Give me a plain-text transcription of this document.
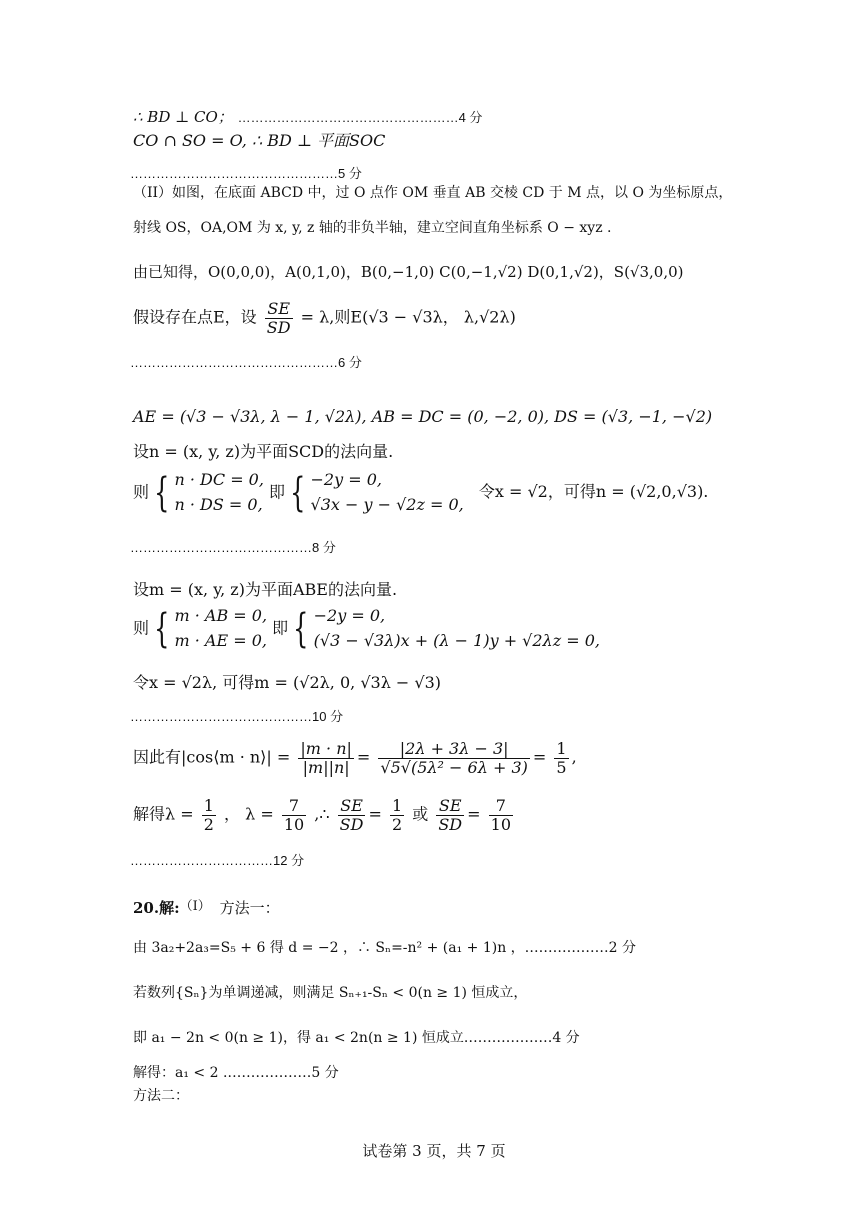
∴ BD ⊥ CO； ……………………………………………4 分
CO ∩ SO = O, ∴ BD ⊥ 平面SOC
…………………………………………5 分
（II）如图，在底面 ABCD 中，过 O 点作 OM 垂直 AB 交棱 CD 于 M 点，以 O 为坐标原点，
射线 OS，OA,OM 为 x, y, z 轴的非负半轴，建立空间直角坐标系 O − xyz .
由已知得，O(0,0,0)，A(0,1,0)，B(0,−1,0) C(0,−1,√2) D(0,1,√2)，S(√3,0,0)
假设存在点E，设 $\frac{SE}{SD} = \lambda$,则E(√3 − √3λ， λ,√2λ)
…………………………………………6 分
AE = (√3 − √3λ, λ − 1, √2λ), AB = DC = (0, −2, 0), DS = (√3, −1, −√2)
设n = (x, y, z)为平面SCD的法向量.
则 { n · DC = 0,
n · DS = 0,
即 { −2y = 0,
√3x − y − √2z = 0,
令x = √2，可得n = (√2,0,√3).
……………………………………8 分
设m = (x, y, z)为平面ABE的法向量.
则 { m · AB = 0,
m · AE = 0,
即 { −2y = 0,
(√3 − √3λ)x + (λ − 1)y + √2λz = 0,
令x = √2λ, 可得m = (√2λ, 0, √3λ − √3)
……………………………………10 分
因此有|cos⟨m · n⟩| = $\frac{|m \cdot n|}{|m||n|} = \frac{|2\lambda + 3\lambda - 3|}{\text{√5√(5λ² − 6λ + 3)}} = \frac{1}{5}$ ,
解得$\lambda = \frac{1}{2}$ ， $\lambda = \frac{7}{10}$ ,∴ $\frac{SE}{SD} = \frac{1}{2}$ 或 $\frac{SE}{SD} = \frac{7}{10}$
……………………………12 分
20.解:（I） 方法一：
由 3a₂+2a₃=S₅ + 6 得 d = −2 ，∴ Sₙ=-n² + (a₁ + 1)n ，………………2 分
若数列{Sₙ}为单调递减，则满足 Sₙ₊₁-Sₙ < 0(n ≥ 1) 恒成立，
即 a₁ − 2n < 0(n ≥ 1)，得 a₁ < 2n(n ≥ 1) 恒成立.………………4 分
解得：a₁ < 2 .………………5 分
方法二：
试卷第 3 页，共 7 页
